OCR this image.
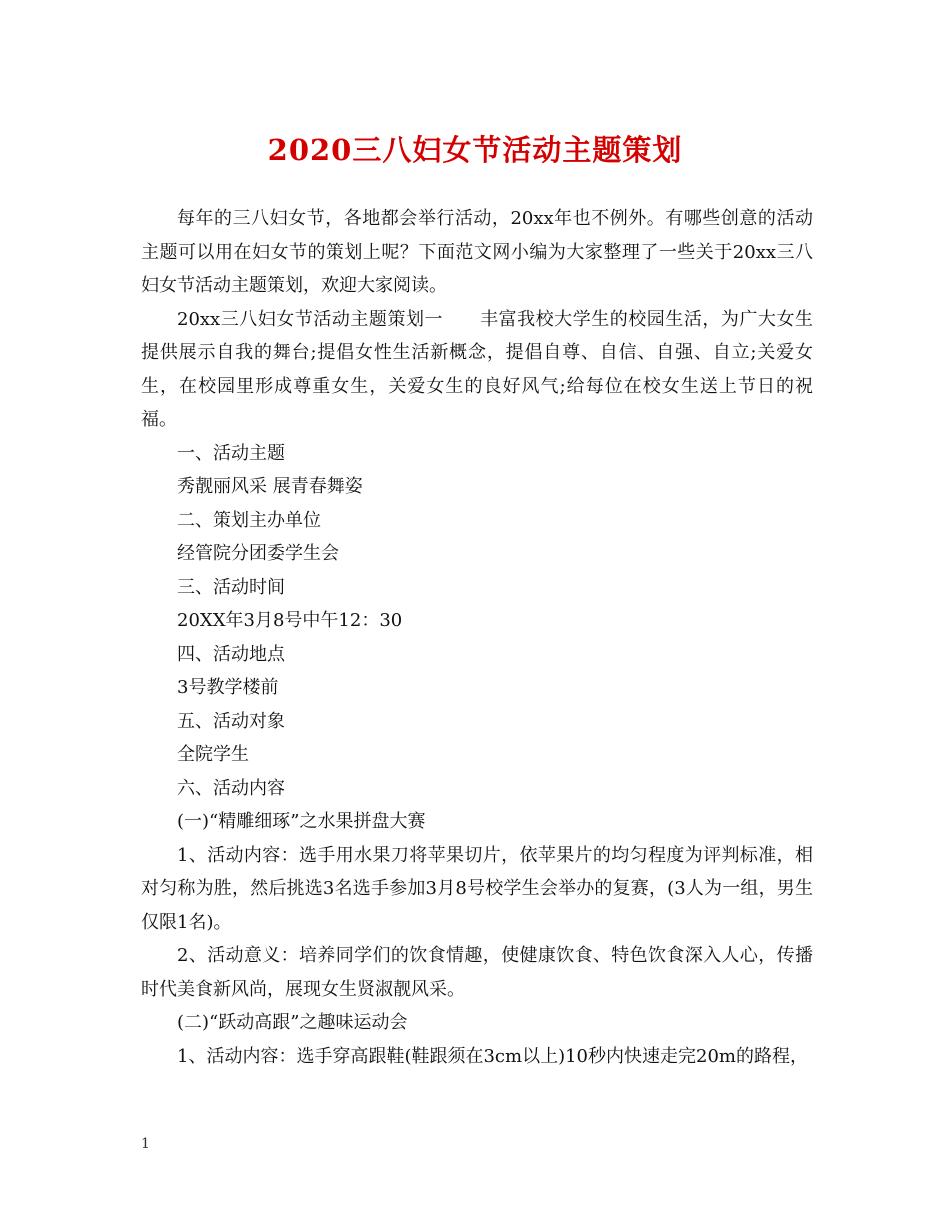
2020三八妇女节活动主题策划

每年的三八妇女节，各地都会举行活动，20xx年也不例外。有哪些创意的活动主题可以用在妇女节的策划上呢？下面范文网小编为大家整理了一些关于20xx三八妇女节活动主题策划，欢迎大家阅读。

20xx三八妇女节活动主题策划一　　丰富我校大学生的校园生活，为广大女生提供展示自我的舞台;提倡女性生活新概念，提倡自尊、自信、自强、自立;关爱女生，在校园里形成尊重女生，关爱女生的良好风气;给每位在校女生送上节日的祝福。

一、活动主题

秀靓丽风采 展青春舞姿

二、策划主办单位

经管院分团委学生会

三、活动时间

20XX年3月8号中午12：30

四、活动地点

3号教学楼前

五、活动对象

全院学生

六、活动内容

(一)“精雕细琢”之水果拼盘大赛

1、活动内容：选手用水果刀将苹果切片，依苹果片的均匀程度为评判标准，相对匀称为胜，然后挑选3名选手参加3月8号校学生会举办的复赛，(3人为一组，男生仅限1名)。

2、活动意义：培养同学们的饮食情趣，使健康饮食、特色饮食深入人心，传播时代美食新风尚，展现女生贤淑靓风采。

(二)“跃动高跟”之趣味运动会

1、活动内容：选手穿高跟鞋(鞋跟须在3cm以上)10秒内快速走完20m的路程，

1
